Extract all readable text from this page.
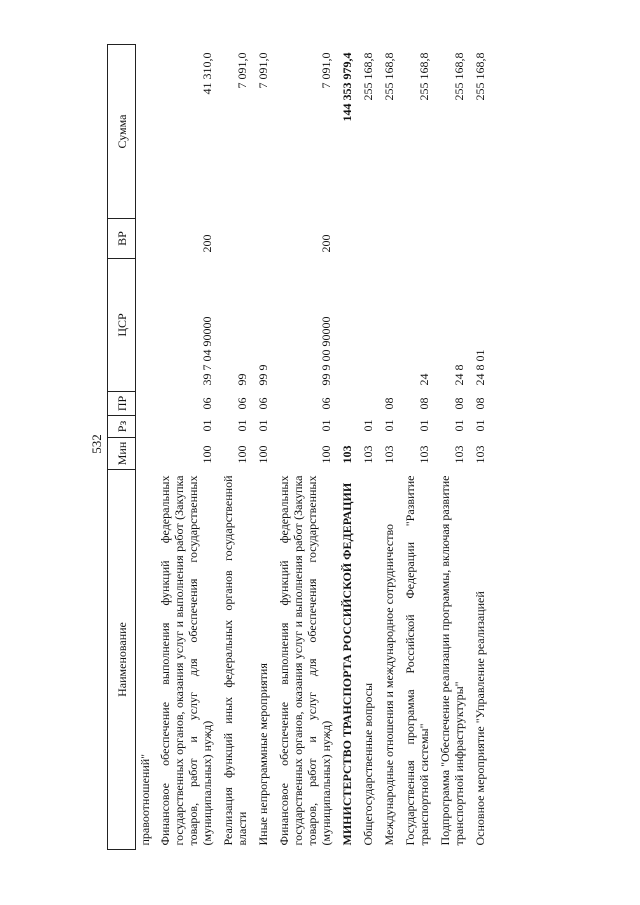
532
Наименование	Мин	Рз	ПР	ЦСР	ВР	Сумма
правоотношений"						
Финансовое обеспечение выполнения функций федеральных государственных органов, оказания услуг и выполнения работ (Закупка товаров, работ и услуг для обеспечения государственных (муниципальных) нужд)	100	01	06	39 7 04 90000	200	41 310,0
Реализация функций иных федеральных органов государственной власти	100	01	06	99		7 091,0
Иные непрограммные мероприятия	100	01	06	99 9		7 091,0
Финансовое обеспечение выполнения функций федеральных государственных органов, оказания услуг и выполнения работ (Закупка товаров, работ и услуг для обеспечения государственных (муниципальных) нужд)	100	01	06	99 9 00 90000	200	7 091,0
МИНИСТЕРСТВО ТРАНСПОРТА РОССИЙСКОЙ ФЕДЕРАЦИИ	103					144 353 979,4
Общегосударственные вопросы	103	01				255 168,8
Международные отношения и международное сотрудничество	103	01	08			255 168,8
Государственная программа Российской Федерации "Развитие транспортной системы"	103	01	08	24		255 168,8
Подпрограмма "Обеспечение реализации программы, включая развитие транспортной инфраструктуры"	103	01	08	24 8		255 168,8
Основное мероприятие "Управление реализацией	103	01	08	24 8 01		255 168,8
